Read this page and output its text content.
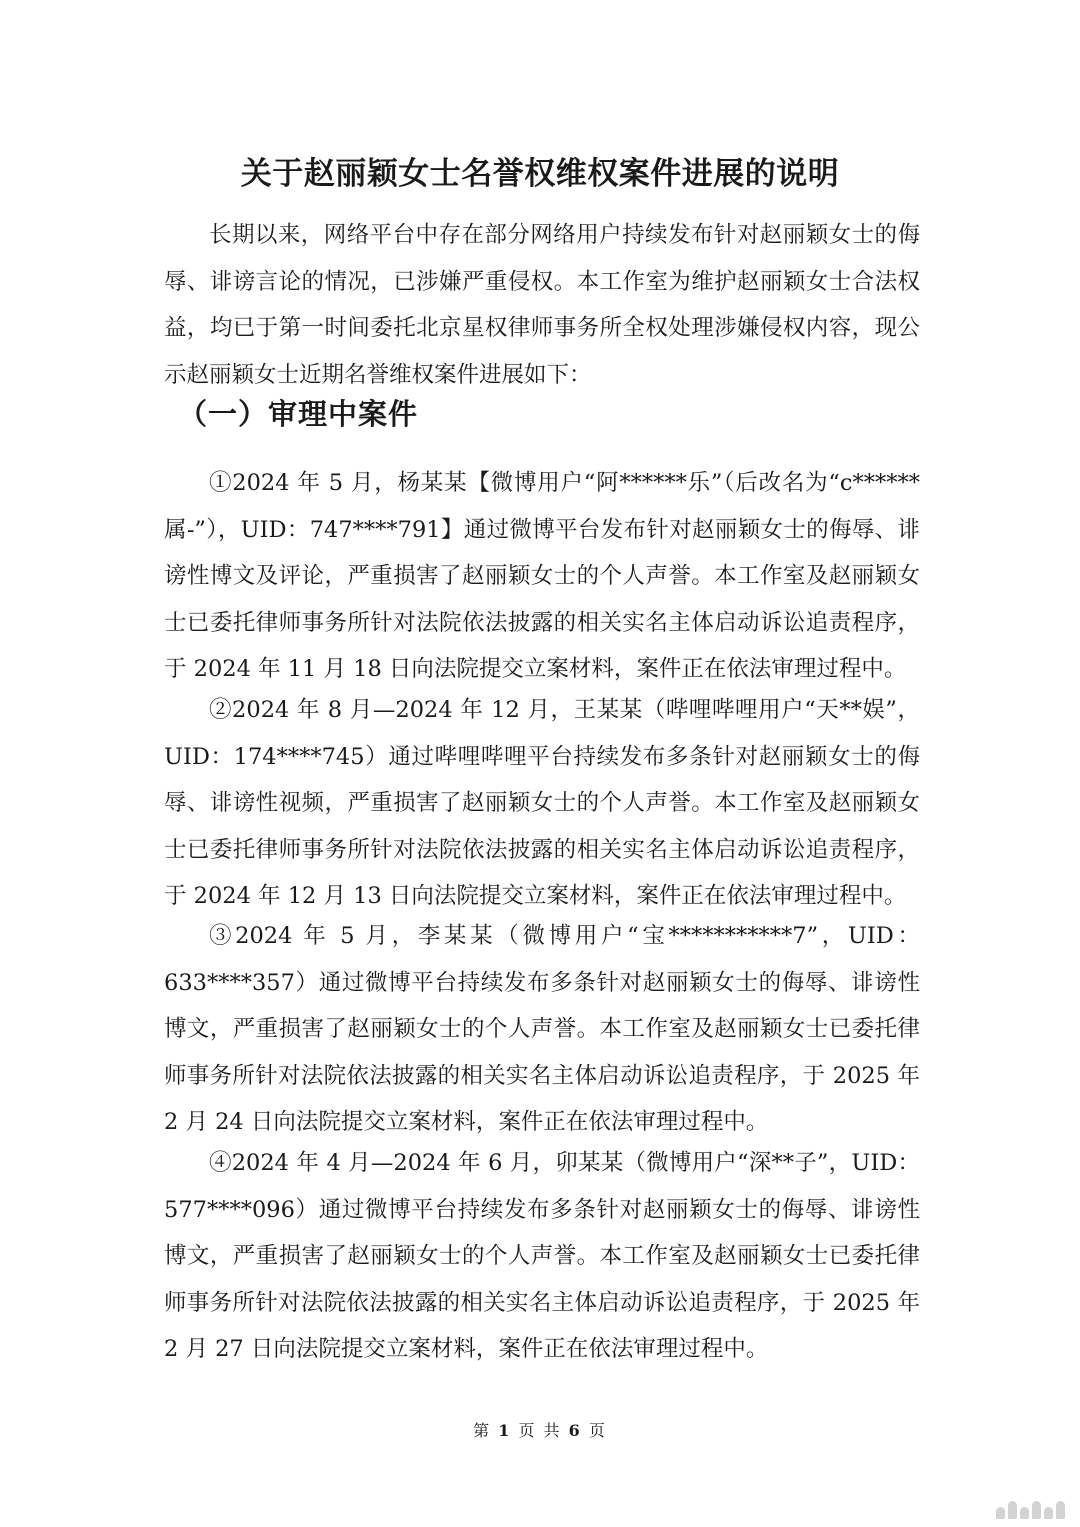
关于赵丽颖女士名誉权维权案件进展的说明

长期以来，网络平台中存在部分网络用户持续发布针对赵丽颖女士的侮辱、诽谤言论的情况，已涉嫌严重侵权。本工作室为维护赵丽颖女士合法权益，均已于第一时间委托北京星权律师事务所全权处理涉嫌侵权内容，现公示赵丽颖女士近期名誉维权案件进展如下：

（一）审理中案件

①2024 年 5 月，杨某某【微博用户“阿******乐”（后改名为“c******属-”），UID：747****791】通过微博平台发布针对赵丽颖女士的侮辱、诽谤性博文及评论，严重损害了赵丽颖女士的个人声誉。本工作室及赵丽颖女士已委托律师事务所针对法院依法披露的相关实名主体启动诉讼追责程序，于 2024 年 11 月 18 日向法院提交立案材料，案件正在依法审理过程中。

②2024 年 8 月—2024 年 12 月，王某某（哔哩哔哩用户“天**娱”，UID：174****745）通过哔哩哔哩平台持续发布多条针对赵丽颖女士的侮辱、诽谤性视频，严重损害了赵丽颖女士的个人声誉。本工作室及赵丽颖女士已委托律师事务所针对法院依法披露的相关实名主体启动诉讼追责程序，于 2024 年 12 月 13 日向法院提交立案材料，案件正在依法审理过程中。

③2024 年 5 月，李某某（微博用户“宝***********7”，UID：633****357）通过微博平台持续发布多条针对赵丽颖女士的侮辱、诽谤性博文，严重损害了赵丽颖女士的个人声誉。本工作室及赵丽颖女士已委托律师事务所针对法院依法披露的相关实名主体启动诉讼追责程序，于 2025 年 2 月 24 日向法院提交立案材料，案件正在依法审理过程中。

④2024 年 4 月—2024 年 6 月，卯某某（微博用户“深**子”，UID：577****096）通过微博平台持续发布多条针对赵丽颖女士的侮辱、诽谤性博文，严重损害了赵丽颖女士的个人声誉。本工作室及赵丽颖女士已委托律师事务所针对法院依法披露的相关实名主体启动诉讼追责程序，于 2025 年 2 月 27 日向法院提交立案材料，案件正在依法审理过程中。

第 1 页 共 6 页
